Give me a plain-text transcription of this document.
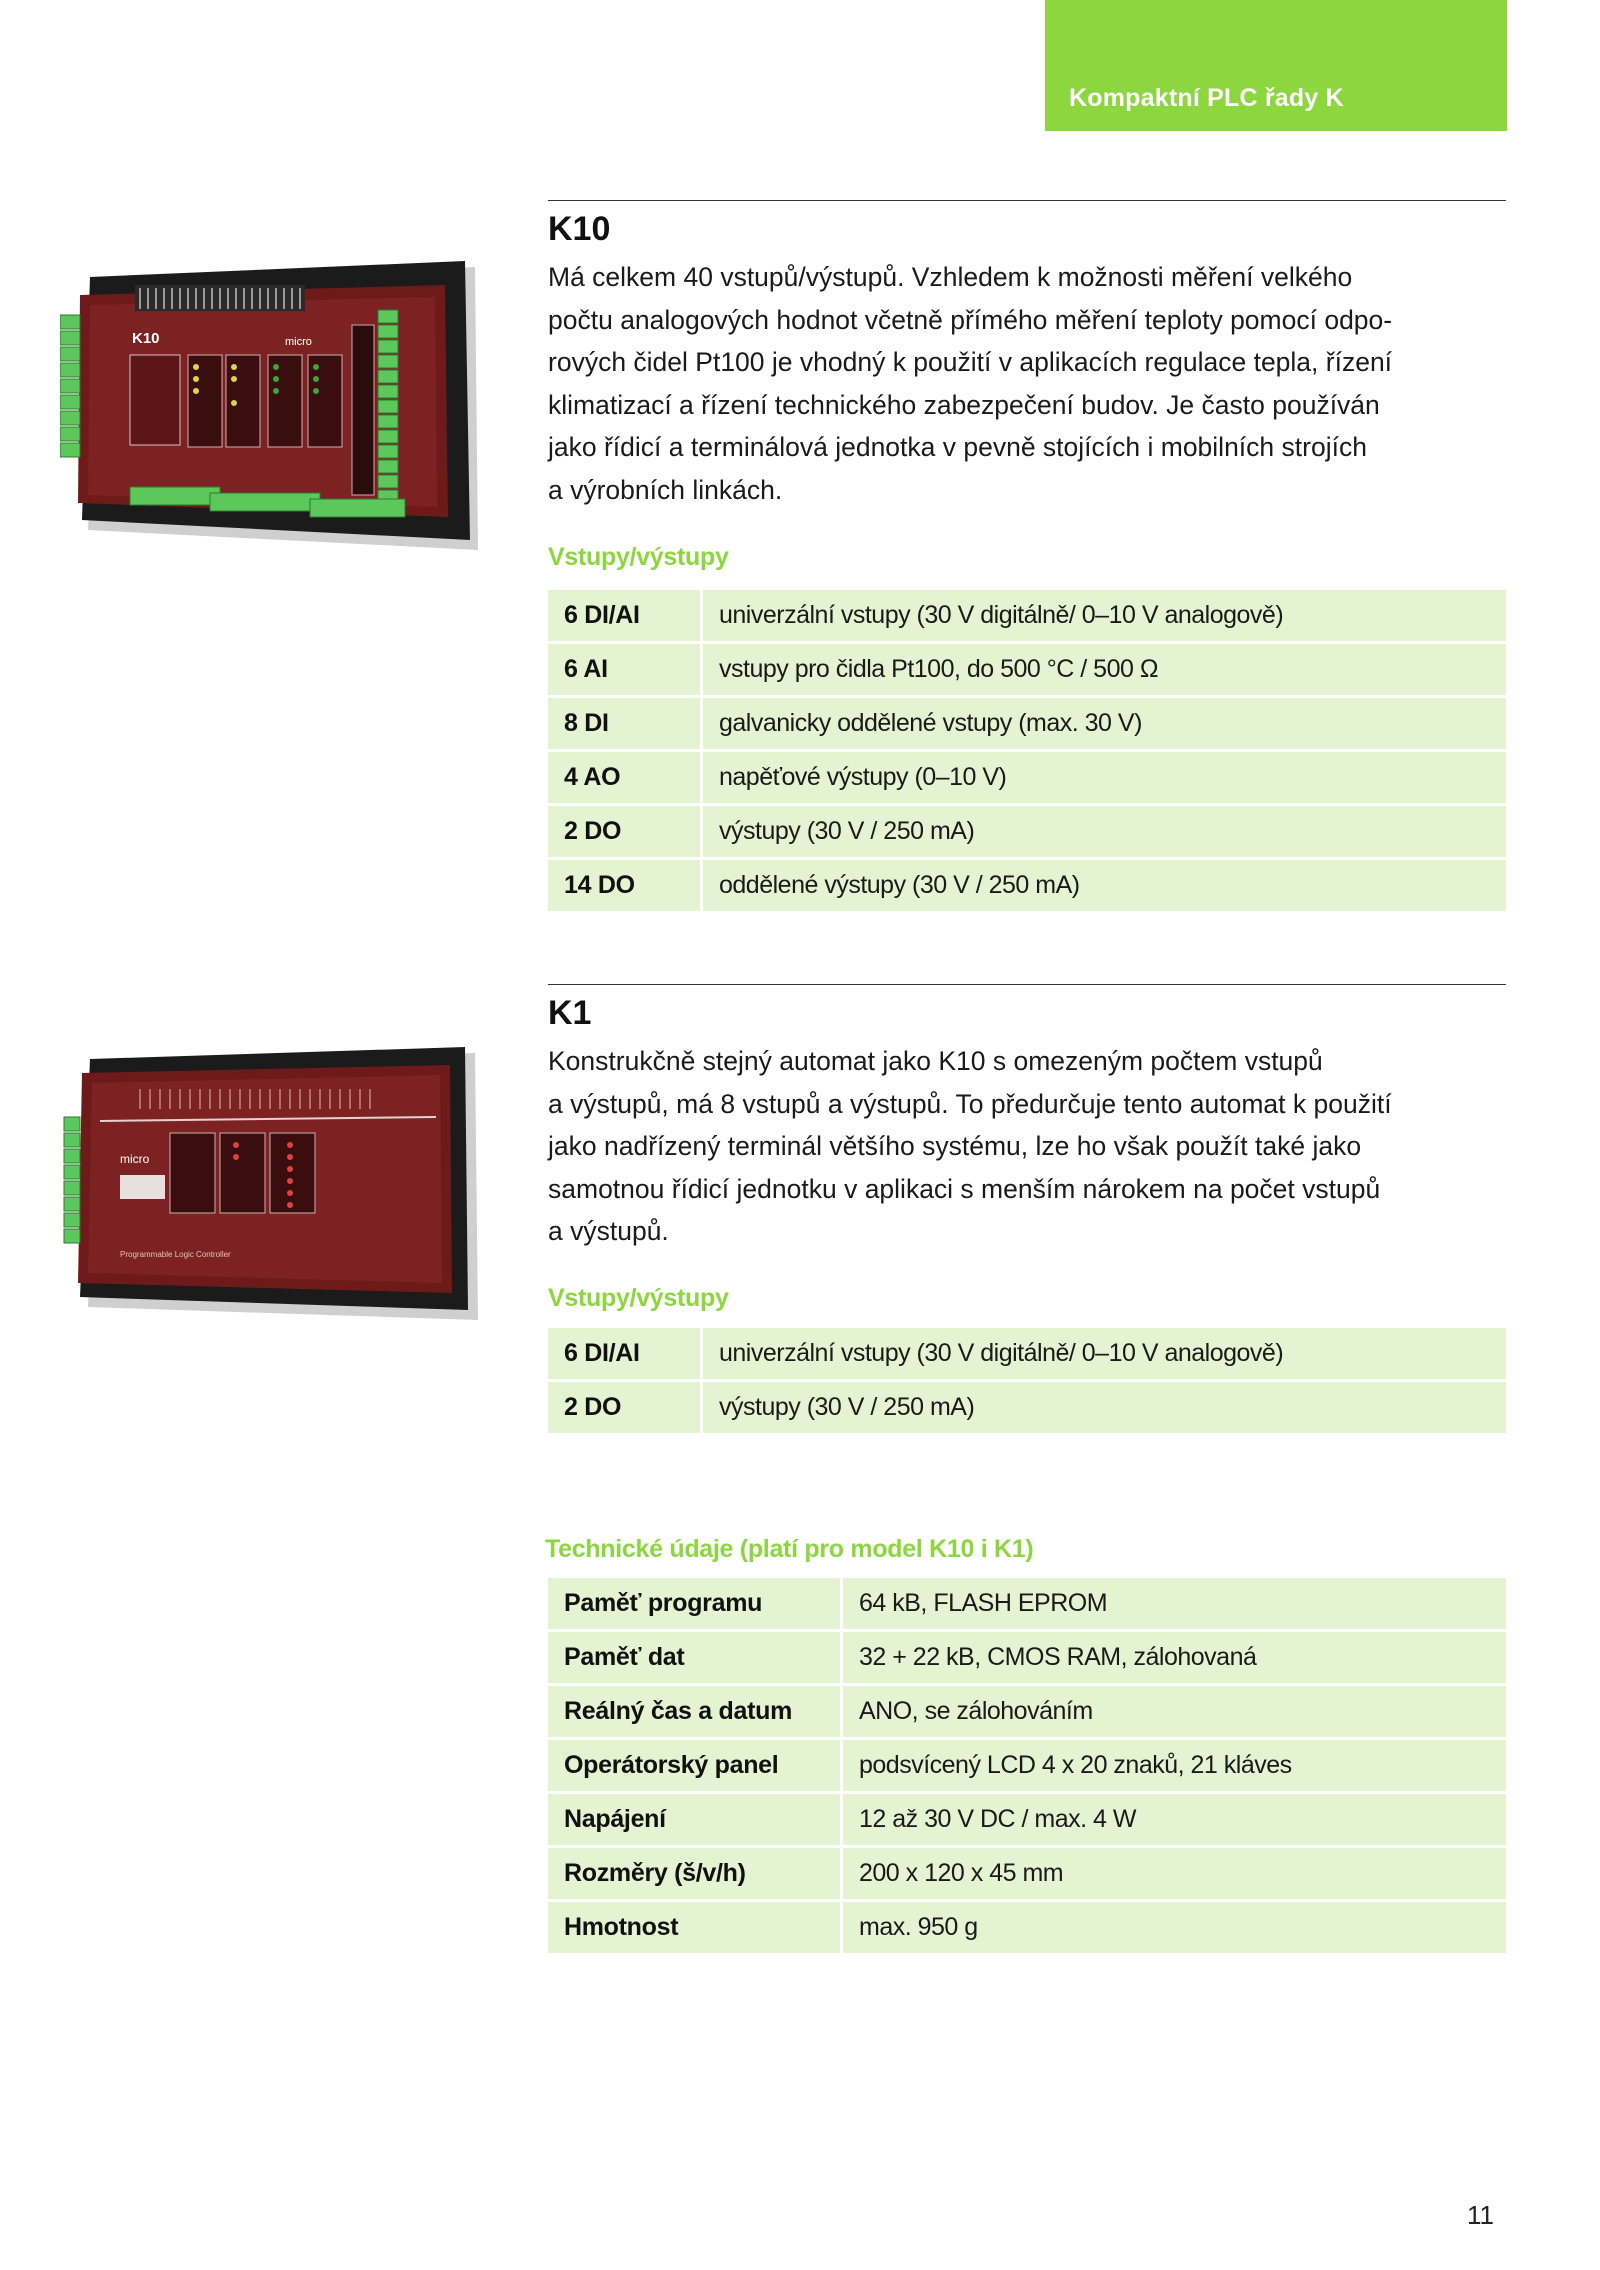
Kompaktní PLC řady K
K10
Má celkem 40 vstupů/výstupů. Vzhledem k možnosti měření velkého
počtu analogových hodnot včetně přímého měření teploty pomocí odpo-
rových čidel Pt100 je vhodný k použití v aplikacích regulace tepla, řízení
klimatizací a řízení technického zabezpečení budov. Je často používán
jako řídicí a terminálová jednotka v pevně stojících i mobilních strojích
a výrobních linkách.
Vstupy/výstupy
6 DI/AI	univerzální vstupy (30 V digitálně/ 0–10 V analogově)
6 AI	vstupy pro čidla Pt100, do 500 °C / 500 Ω
8 DI	galvanicky oddělené vstupy (max. 30 V)
4 AO	napěťové výstupy (0–10 V)
2 DO	výstupy (30 V / 250 mA)
14 DO	oddělené výstupy (30 V / 250 mA)
K10	micro
K1
Konstrukčně stejný automat jako K10 s omezeným počtem vstupů
a výstupů, má 8 vstupů a výstupů. To předurčuje tento automat k použití
jako nadřízený terminál většího systému, lze ho však použít také jako
samotnou řídicí jednotku v aplikaci s menším nárokem na počet vstupů
a výstupů.
Vstupy/výstupy
6 DI/AI	univerzální vstupy (30 V digitálně/ 0–10 V analogově)
2 DO	výstupy (30 V / 250 mA)
micro
Programmable Logic Controller
Technické údaje (platí pro model K10 i K1)
Paměť programu	64 kB, FLASH EPROM
Paměť dat	32 + 22 kB, CMOS RAM, zálohovaná
Reálný čas a datum	ANO, se zálohováním
Operátorský panel	podsvícený LCD 4 x 20 znaků, 21 kláves
Napájení	12 až 30 V DC / max. 4 W
Rozměry (š/v/h)	200 x 120 x 45 mm
Hmotnost	max. 950 g
11
